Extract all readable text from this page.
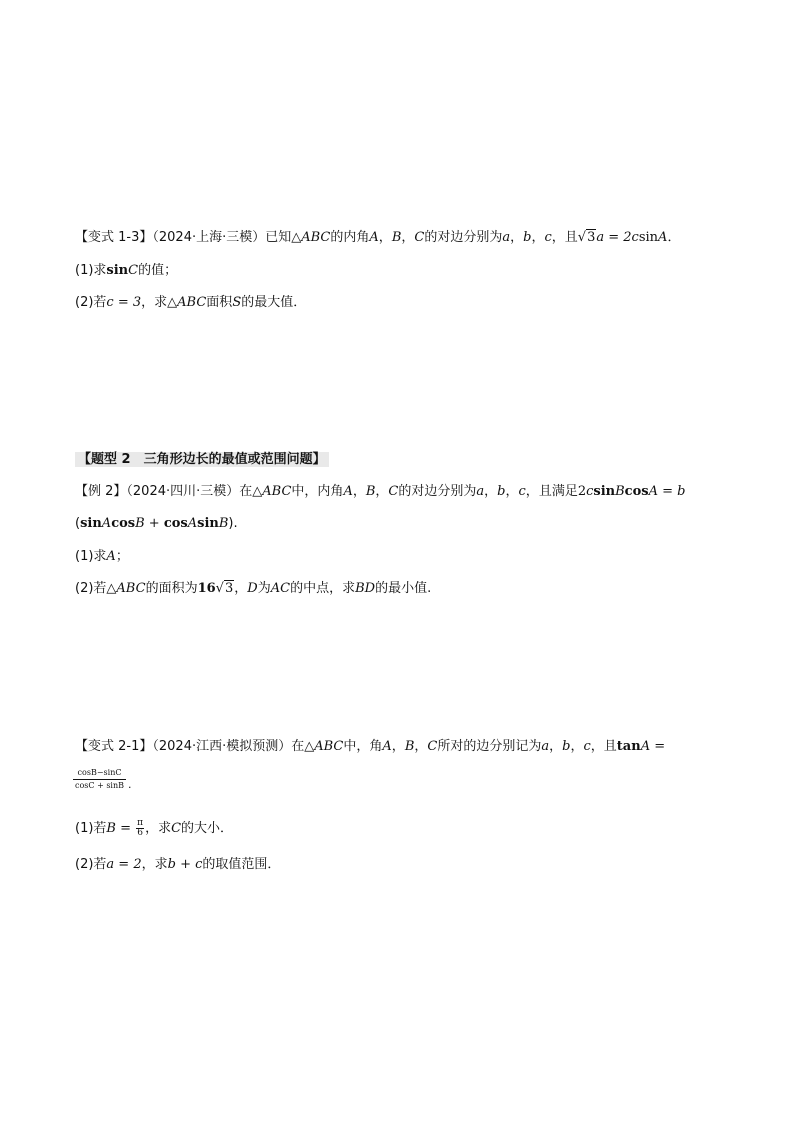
【变式 1-3】（2024·上海·三模）已知△ABC的内角A，B，C的对边分别为a，b，c，且√3a = 2csinA．
(1)求sinC的值；
(2)若c = 3，求△ABC面积S的最大值．
【题型 2　三角形边长的最值或范围问题】
【例 2】（2024·四川·三模）在△ABC中，内角A，B，C的对边分别为a，b，c，且满足2csinBcosA = b
(sinAcosB + cosAsinB).
(1)求A；
(2)若△ABC的面积为16√3，D为AC的中点，求BD的最小值.
【变式 2-1】（2024·江西·模拟预测）在△ABC中，角A，B，C所对的边分别记为a，b，c，且tanA =
$\frac{\cos B-\sin C}{\cos C + \sin B}$ .
(1)若$B = \frac{\pi}{6}$ ，求C的大小．
(2)若a = 2，求b + c的取值范围．
